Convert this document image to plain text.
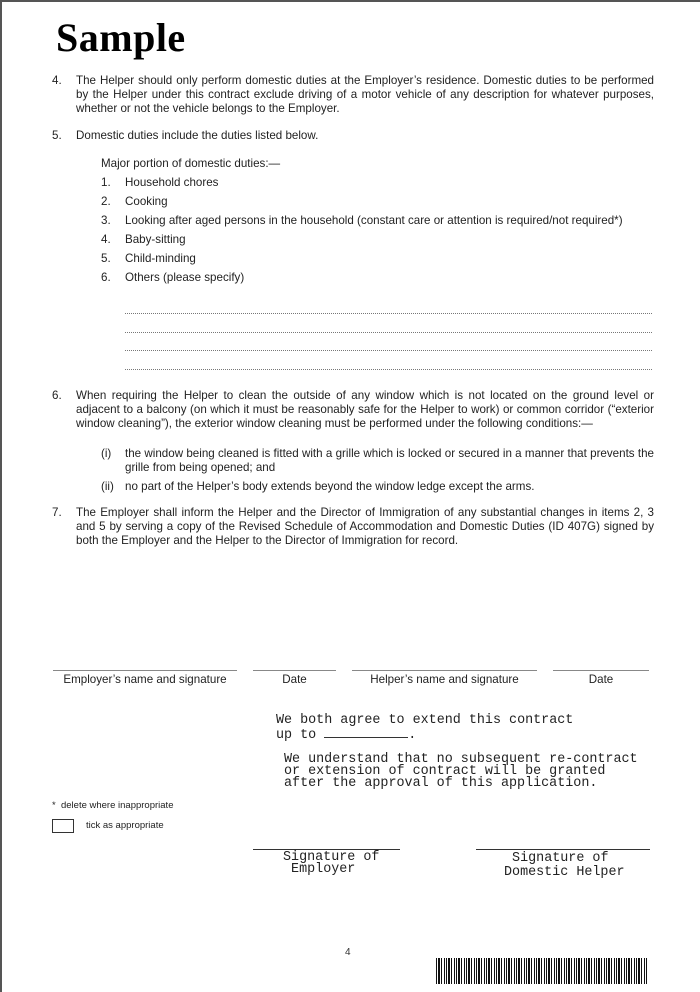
Sample
4.	The Helper should only perform domestic duties at the Employer’s residence. Domestic duties to be performed by the Helper under this contract exclude driving of a motor vehicle of any description for whatever purposes, whether or not the vehicle belongs to the Employer.
5.	Domestic duties include the duties listed below.
Major portion of domestic duties:—
1.	Household chores
2.	Cooking
3.	Looking after aged persons in the household (constant care or attention is required/not required*)
4.	Baby-sitting
5.	Child-minding
6.	Others (please specify)
6.	When requiring the Helper to clean the outside of any window which is not located on the ground level or adjacent to a balcony (on which it must be reasonably safe for the Helper to work) or common corridor (“exterior window cleaning”), the exterior window cleaning must be performed under the following conditions:—
(i)	the window being cleaned is fitted with a grille which is locked or secured in a manner that prevents the grille from being opened; and
(ii) no part of the Helper’s body extends beyond the window ledge except the arms.
7.	The Employer shall inform the Helper and the Director of Immigration of any substantial changes in items 2, 3 and 5 by serving a copy of the Revised Schedule of Accommodation and Domestic Duties (ID 407G) signed by both the Employer and the Helper to the Director of Immigration for record.
Employer’s name and signature	Date	Helper’s name and signature	Date
We both agree to extend this contract
up to	.
We understand that no subsequent re-contract
or extension of contract will be granted
after the approval of this application.
* delete where inappropriate
tick as appropriate
Signature of
Employer
Signature of
Domestic Helper
4
